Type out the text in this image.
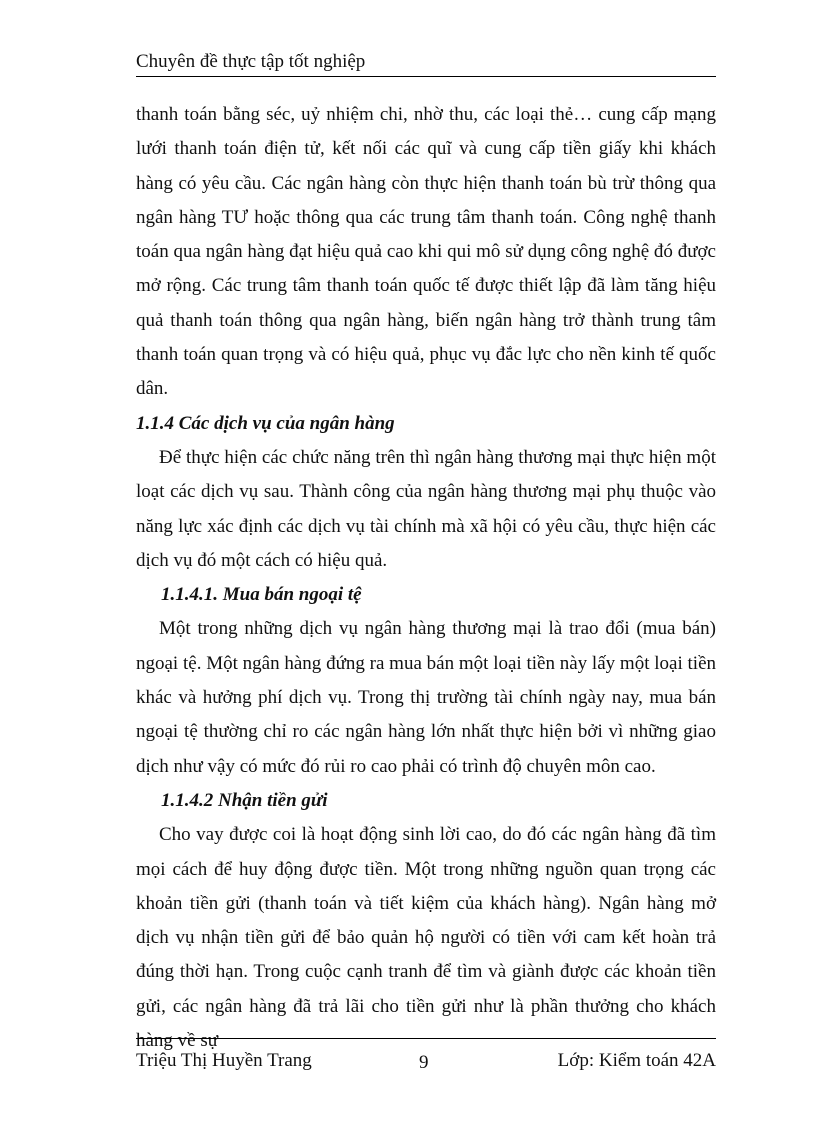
Chuyên đề thực tập tốt nghiệp

thanh toán bằng séc, uỷ nhiệm chi, nhờ thu, các loại thẻ… cung cấp mạng lưới thanh toán điện tử, kết nối các quĩ và cung cấp tiền giấy khi khách hàng có yêu cầu. Các ngân hàng còn thực hiện thanh toán bù trừ thông qua ngân hàng TƯ hoặc thông qua các trung tâm thanh toán. Công nghệ thanh toán qua ngân hàng đạt hiệu quả cao khi qui mô sử dụng công nghệ đó được mở rộng. Các trung tâm thanh toán quốc tế được thiết lập đã làm tăng hiệu quả thanh toán thông qua ngân hàng, biến ngân hàng trở thành trung tâm thanh toán quan trọng và có hiệu quả, phục vụ đắc lực cho nền kinh tế quốc dân.

1.1.4 Các dịch vụ của ngân hàng

Để thực hiện các chức năng trên thì ngân hàng thương mại thực hiện một loạt các dịch vụ sau. Thành công của ngân hàng thương mại phụ thuộc vào năng lực xác định các dịch vụ tài chính mà xã hội có yêu cầu, thực hiện các dịch vụ đó một cách có hiệu quả.

1.1.4.1. Mua bán ngoại tệ

Một trong những dịch vụ ngân hàng thương mại là trao đổi (mua bán) ngoại tệ. Một ngân hàng đứng ra mua bán một loại tiền này lấy một loại tiền khác và hưởng phí dịch vụ. Trong thị trường tài chính ngày nay, mua bán ngoại tệ thường chỉ ro các ngân hàng lớn nhất thực hiện bởi vì những giao dịch như vậy có mức đó rủi ro cao phải có trình độ chuyên môn cao.

1.1.4.2 Nhận tiền gửi

Cho vay được coi là hoạt động sinh lời cao, do đó các ngân hàng đã tìm mọi cách để huy động được tiền. Một trong những nguồn quan trọng các khoản tiền gửi (thanh toán và tiết kiệm của khách hàng). Ngân hàng mở dịch vụ nhận tiền gửi để bảo quản hộ người có tiền với cam kết hoàn trả đúng thời hạn. Trong cuộc cạnh tranh để tìm và giành được các khoản tiền gửi, các ngân hàng đã trả lãi cho tiền gửi như là phần thưởng cho khách hàng về sự

Triệu Thị Huyền Trang	9	Lớp: Kiểm toán 42A
